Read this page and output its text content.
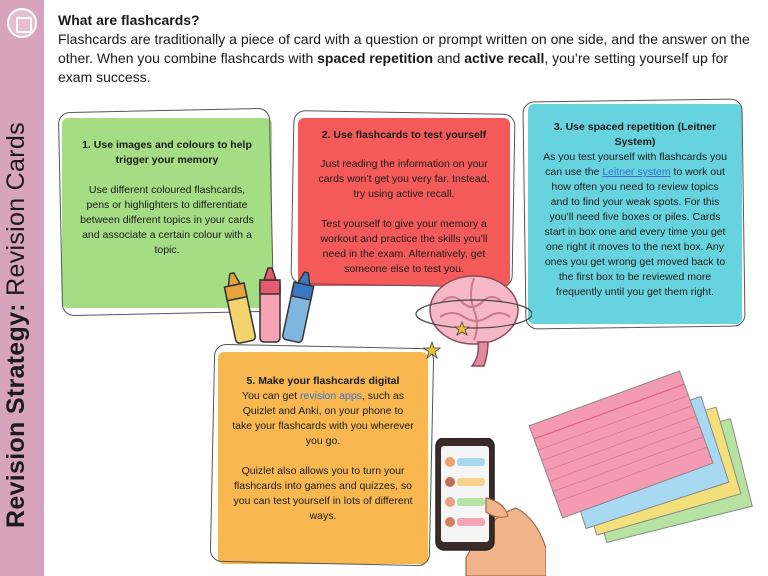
Revision Strategy: Revision Cards
What are flashcards?

Flashcards are traditionally a piece of card with a question or prompt written on one side, and the answer on the
other. When you combine flashcards with spaced repetition and active recall, you’re setting yourself up for
exam success.

1. Use images and colours to help trigger your memory
Use different coloured flashcards, pens or highlighters to differentiate between different topics in your cards and associate a certain colour with a topic.
2. Use flashcards to test yourself
Just reading the information on your cards won’t get you very far. Instead, try using active recall.
Test yourself to give your memory a workout and practice the skills you’ll need in the exam. Alternatively, get someone else to test you.
3. Use spaced repetition (Leitner System)
As you test yourself with flashcards you can use the Leitner system to work out how often you need to review topics and to find your weak spots. For this you’ll need five boxes or piles. Cards start in box one and every time you get one right it moves to the next box. Any ones you get wrong get moved back to the first box to be reviewed more frequently until you get them right.
5. Make your flashcards digital
You can get revision apps, such as Quizlet and Anki, on your phone to take your flashcards with you wherever you go.
Quizlet also allows you to turn your flashcards into games and quizzes, so you can test yourself in lots of different ways.
